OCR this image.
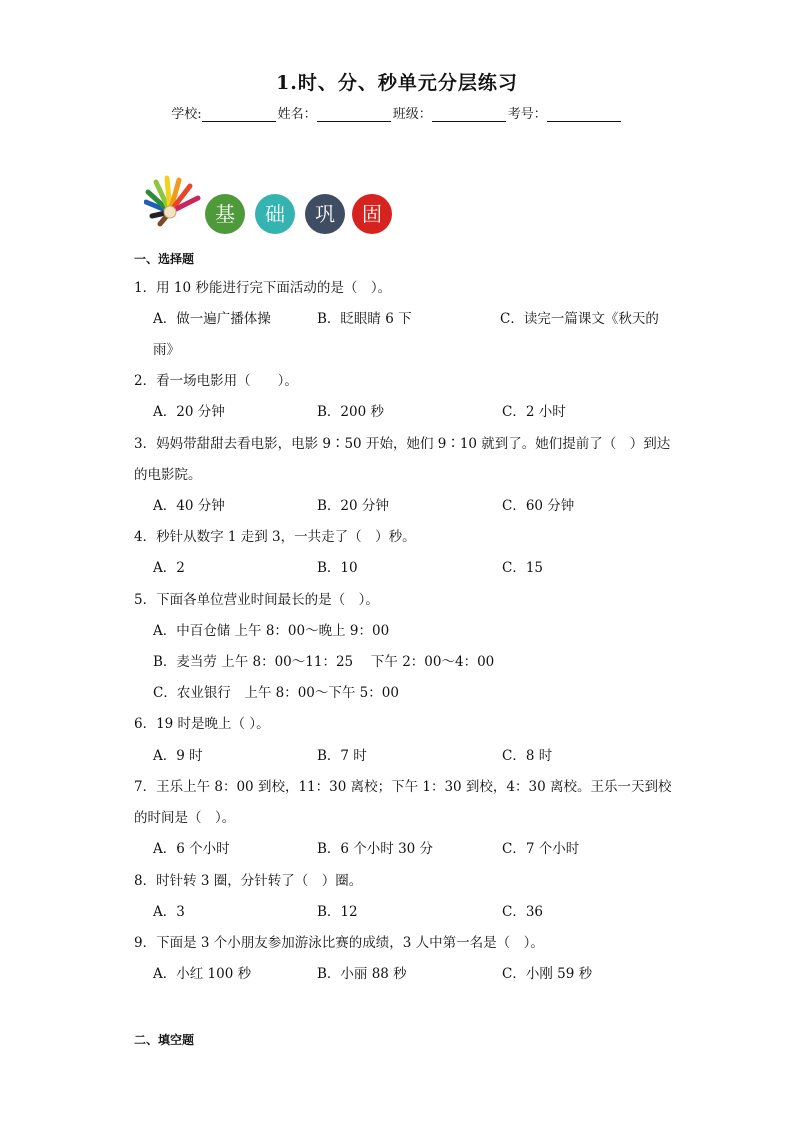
1.时、分、秒单元分层练习
学校:	姓名：	班级：	考号：
基	础	巩	固
一、选择题
1．用 10 秒能进行完下面活动的是（　）。
A．做一遍广播体操	B．眨眼睛 6 下	C．读完一篇课文《秋天的
雨》
2．看一场电影用（　　）。
A．20 分钟	B．200 秒	C．2 小时
3．妈妈带甜甜去看电影，电影 9∶50 开始，她们 9∶10 就到了。她们提前了（　）到达
的电影院。
A．40 分钟	B．20 分钟	C．60 分钟
4．秒针从数字 1 走到 3，一共走了（　）秒。
A．2	B．10	C．15
5．下面各单位营业时间最长的是（　）。
A．中百仓储 上午 8：00～晚上 9：00
B．麦当劳 上午 8：00～11：25　 下午 2：00～4：00
C．农业银行　上午 8：00～下午 5：00
6．19 时是晚上（ ）。
A．9 时	B．7 时	C．8 时
7．王乐上午 8：00 到校，11：30 离校；下午 1：30 到校，4：30 离校。王乐一天到校
的时间是（　）。
A．6 个小时	B．6 个小时 30 分	C．7 个小时
8．时针转 3 圈，分针转了（　）圈。
A．3	B．12	C．36
9．下面是 3 个小朋友参加游泳比赛的成绩，3 人中第一名是（　）。
A．小红 100 秒	B．小丽 88 秒	C．小刚 59 秒
二、填空题
